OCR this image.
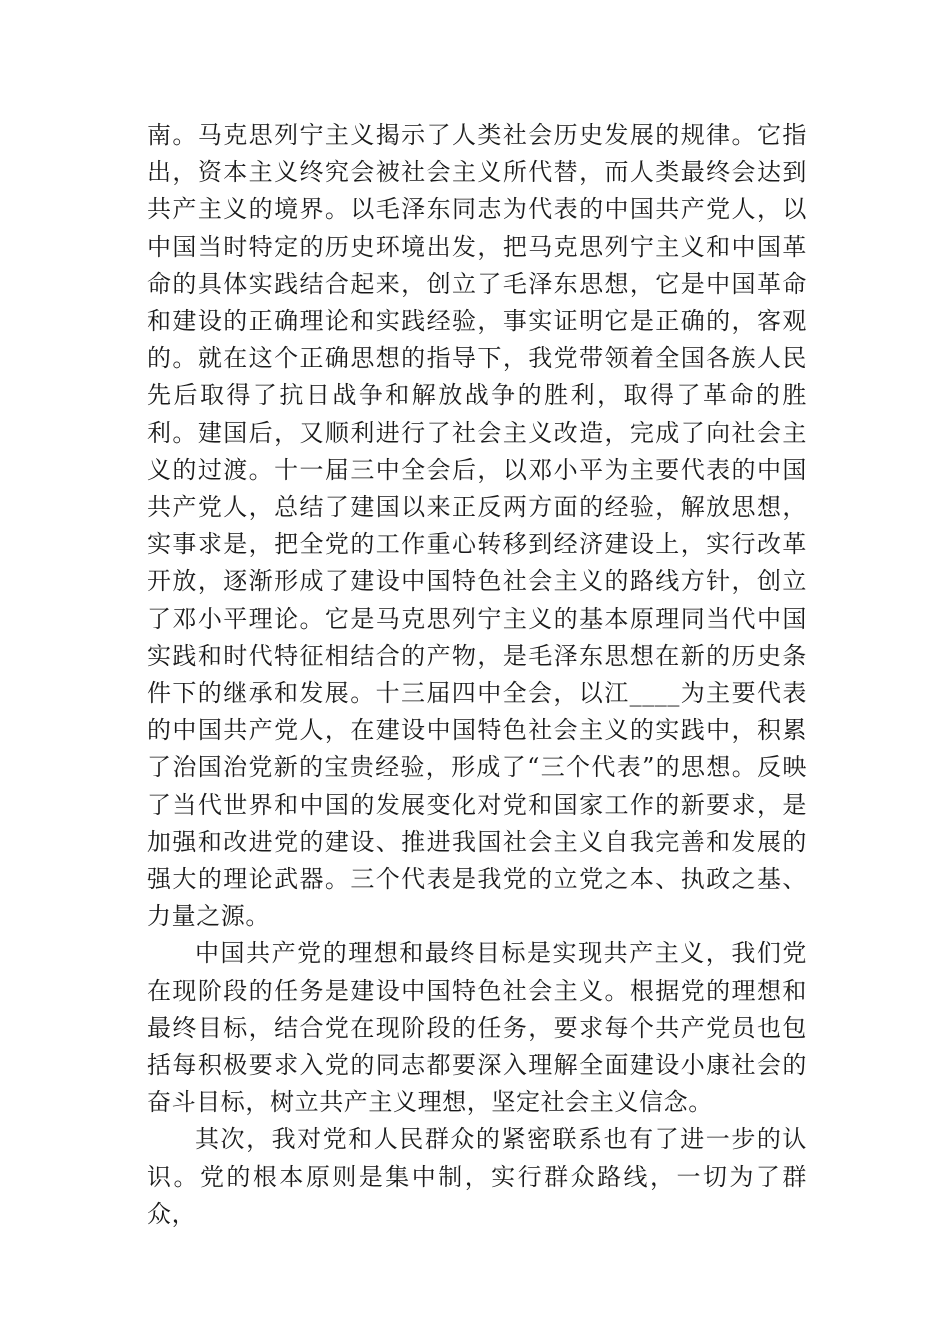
南。马克思列宁主义揭示了人类社会历史发展的规律。它指出，资本主义终究会被社会主义所代替，而人类最终会达到共产主义的境界。以毛泽东同志为代表的中国共产党人，以中国当时特定的历史环境出发，把马克思列宁主义和中国革命的具体实践结合起来，创立了毛泽东思想，它是中国革命和建设的正确理论和实践经验，事实证明它是正确的，客观的。就在这个正确思想的指导下，我党带领着全国各族人民先后取得了抗日战争和解放战争的胜利，取得了革命的胜利。建国后，又顺利进行了社会主义改造，完成了向社会主义的过渡。十一届三中全会后，以邓小平为主要代表的中国共产党人，总结了建国以来正反两方面的经验，解放思想，实事求是，把全党的工作重心转移到经济建设上，实行改革开放，逐渐形成了建设中国特色社会主义的路线方针，创立了邓小平理论。它是马克思列宁主义的基本原理同当代中国实践和时代特征相结合的产物，是毛泽东思想在新的历史条件下的继承和发展。十三届四中全会，以江____为主要代表的中国共产党人，在建设中国特色社会主义的实践中，积累了治国治党新的宝贵经验，形成了“三个代表”的思想。反映了当代世界和中国的发展变化对党和国家工作的新要求，是加强和改进党的建设、推进我国社会主义自我完善和发展的强大的理论武器。三个代表是我党的立党之本、执政之基、力量之源。

中国共产党的理想和最终目标是实现共产主义，我们党在现阶段的任务是建设中国特色社会主义。根据党的理想和最终目标，结合党在现阶段的任务，要求每个共产党员也包括每积极要求入党的同志都要深入理解全面建设小康社会的奋斗目标，树立共产主义理想，坚定社会主义信念。

其次，我对党和人民群众的紧密联系也有了进一步的认识。党的根本原则是集中制，实行群众路线，一切为了群众，
